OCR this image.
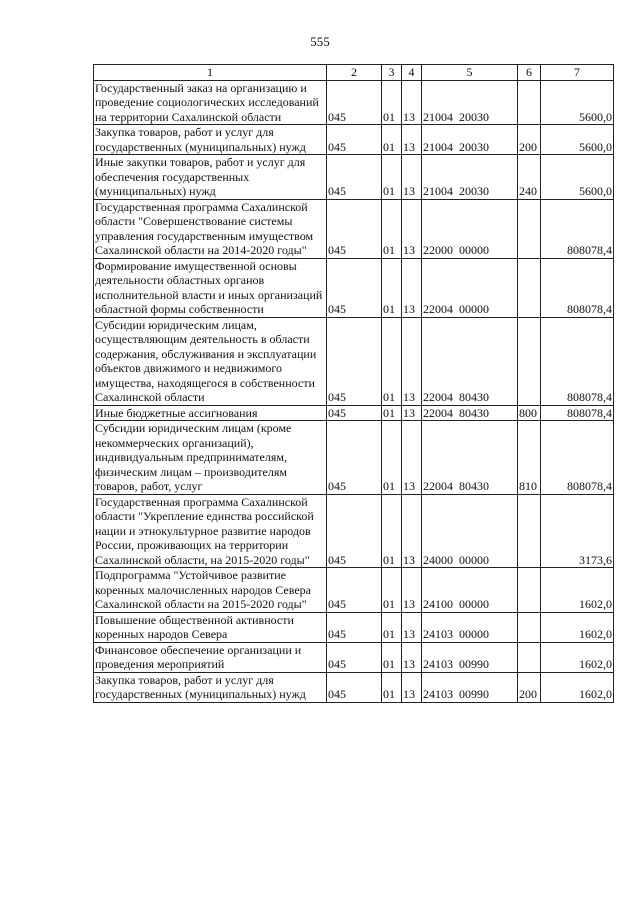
555
1	2	3	4	5	6	7
Государственный заказ на организацию и проведение социологических исследований на территории Сахалинской области	045	01	13	21004  20030		5600,0
Закупка товаров, работ и услуг для государственных (муниципальных) нужд	045	01	13	21004  20030	200	5600,0
Иные закупки товаров, работ и услуг для обеспечения государственных (муниципальных) нужд	045	01	13	21004  20030	240	5600,0
Государственная программа Сахалинской области "Совершенствование системы управления государственным имуществом Сахалинской области на 2014-2020 годы"	045	01	13	22000  00000		808078,4
Формирование имущественной основы деятельности областных органов исполнительной власти и иных организаций областной формы собственности	045	01	13	22004  00000		808078,4
Субсидии юридическим лицам, осуществляющим деятельность в области содержания, обслуживания и эксплуатации объектов движимого и недвижимого имущества, находящегося в собственности Сахалинской области	045	01	13	22004  80430		808078,4
Иные бюджетные ассигнования	045	01	13	22004  80430	800	808078,4
Субсидии юридическим лицам (кроме некоммерческих организаций), индивидуальным предпринимателям, физическим лицам – производителям товаров, работ, услуг	045	01	13	22004  80430	810	808078,4
Государственная программа Сахалинской области "Укрепление единства российской нации и этнокультурное развитие народов России, проживающих на территории Сахалинской области, на 2015-2020 годы"	045	01	13	24000  00000		3173,6
Подпрограмма "Устойчивое развитие коренных малочисленных народов Севера Сахалинской области на 2015-2020 годы"	045	01	13	24100  00000		1602,0
Повышение общественной активности коренных народов Севера	045	01	13	24103  00000		1602,0
Финансовое обеспечение организации и проведения мероприятий	045	01	13	24103  00990		1602,0
Закупка товаров, работ и услуг для государственных (муниципальных) нужд	045	01	13	24103  00990	200	1602,0
